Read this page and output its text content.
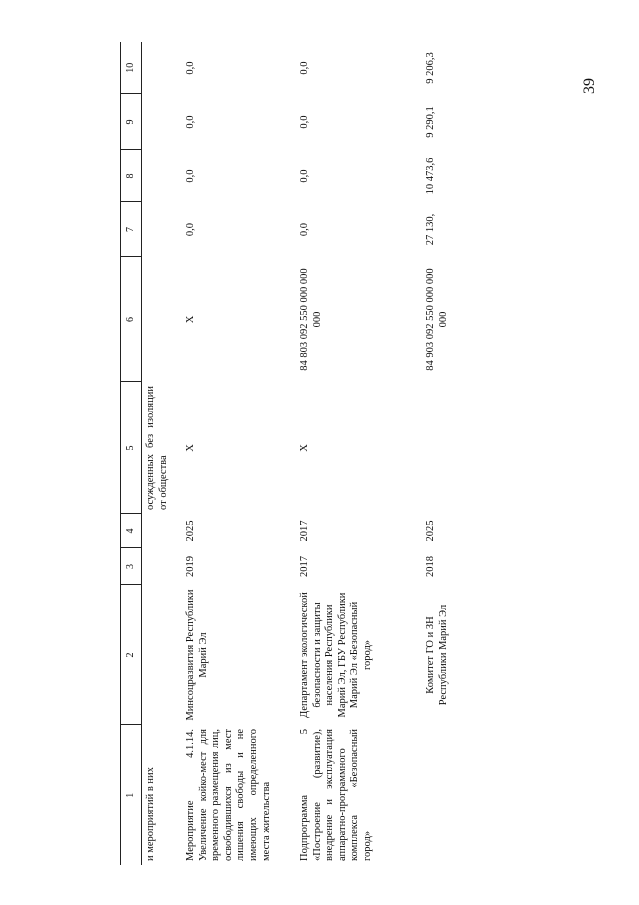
39
1	2	3	4	5	6	7	8	9	10
и мероприятий в них				осужденных без изоляции от общества					
Мероприятие 4.1.14. Увеличение койко-мест для временного размещения лиц, освободившихся из мест лишения свободы и не имеющих определенного места жительства	Минсоцразвития Республики Марий Эл	2019	2025	Х	Х	0,0	0,0	0,0	0,0
Подпрограмма 5 «Построение (развитие), внедрение и эксплуатация аппаратно-программного комплекса «Безопасный город»	Департамент экологической безопасности и защиты населения Республики Марий Эл, ГБУ Республики Марий Эл «Безопасный город»	2017	2017	Х	84 803 092 550 000 000 000	0,0	0,0	0,0	0,0
	Комитет ГО и ЗН Республики Марий Эл	2018	2025		84 903 092 550 000 000 000	27 130,	10 473,6	9 290,1	9 206,3
